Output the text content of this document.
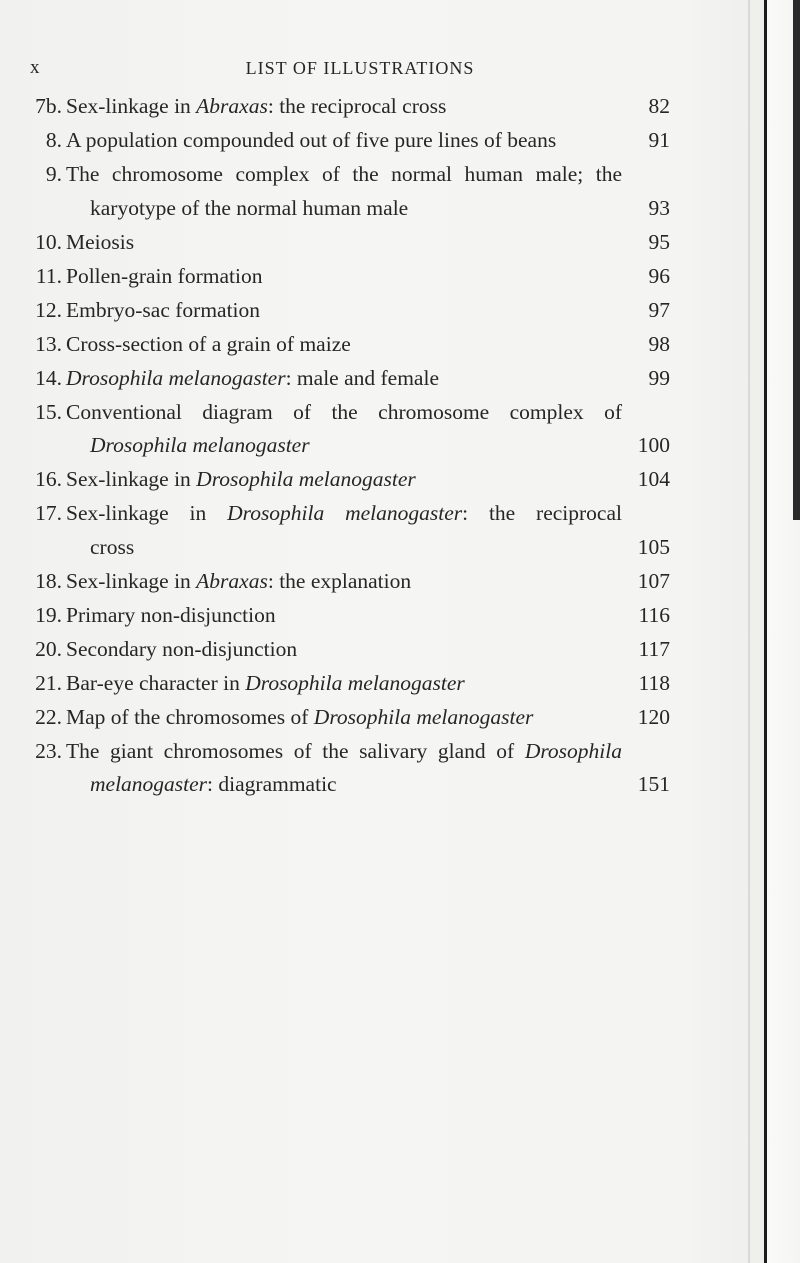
x	LIST OF ILLUSTRATIONS
7b. Sex-linkage in Abraxas: the reciprocal cross	82
8. A population compounded out of five pure lines of beans	91
9. The chromosome complex of the normal human male; the
karyotype of the normal human male	93
10. Meiosis	95
11. Pollen-grain formation	96
12. Embryo-sac formation	97
13. Cross-section of a grain of maize	98
14. Drosophila melanogaster: male and female	99
15. Conventional diagram of the chromosome complex of
Drosophila melanogaster	100
16. Sex-linkage in Drosophila melanogaster	104
17. Sex-linkage in Drosophila melanogaster: the reciprocal
cross	105
18. Sex-linkage in Abraxas: the explanation	107
19. Primary non-disjunction	116
20. Secondary non-disjunction	117
21. Bar-eye character in Drosophila melanogaster	118
22. Map of the chromosomes of Drosophila melanogaster	120
23. The giant chromosomes of the salivary gland of Drosophila
melanogaster: diagrammatic	151
